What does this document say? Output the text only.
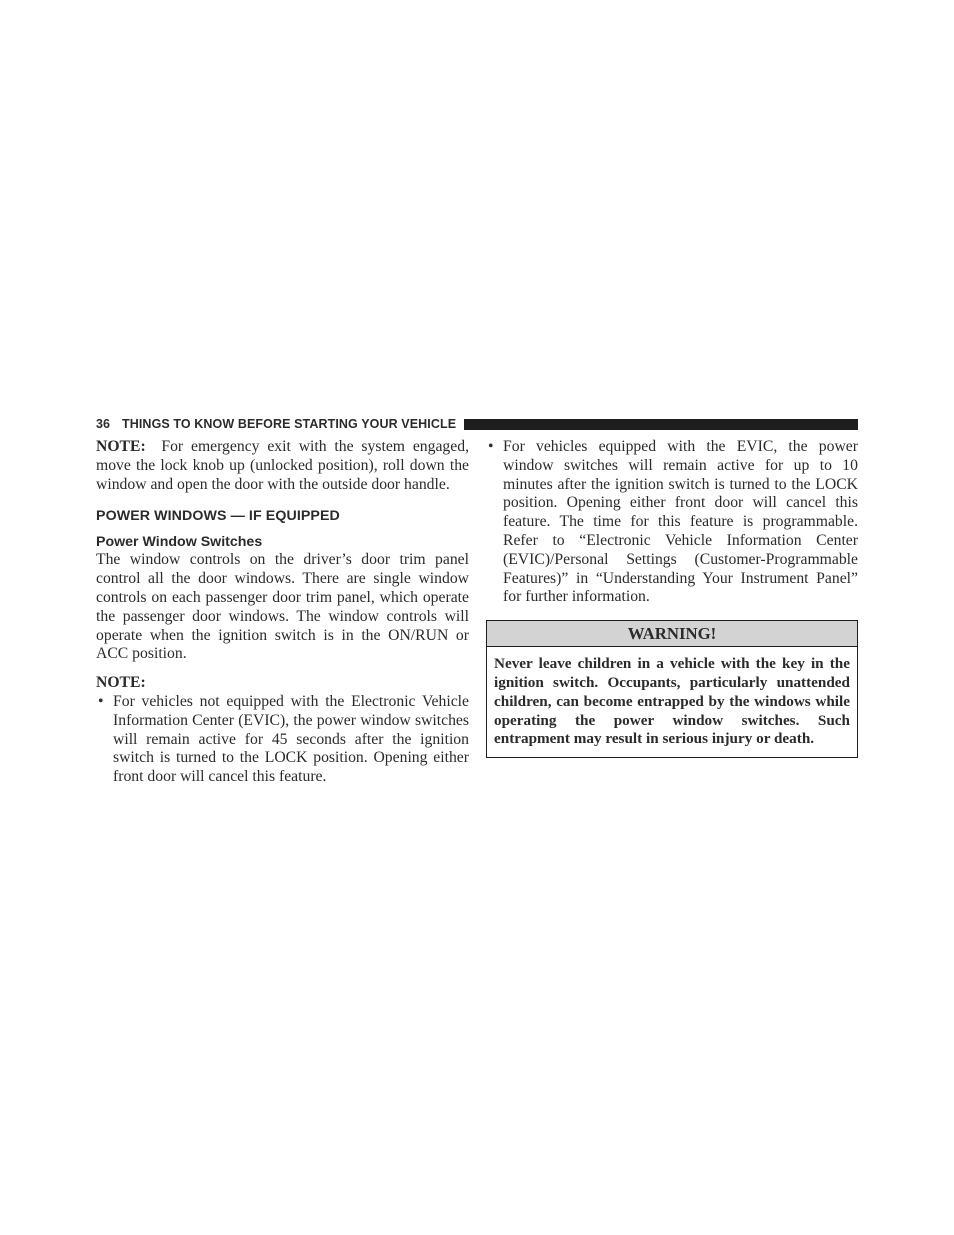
36 THINGS TO KNOW BEFORE STARTING YOUR VEHICLE

NOTE: For emergency exit with the system engaged, move the lock knob up (unlocked position), roll down the window and open the door with the outside door handle.

POWER WINDOWS — IF EQUIPPED
Power Window Switches

The window controls on the driver’s door trim panel control all the door windows. There are single window controls on each passenger door trim panel, which operate the passenger door windows. The window controls will operate when the ignition switch is in the ON/RUN or ACC position.

NOTE:

• For vehicles not equipped with the Electronic Vehicle Information Center (EVIC), the power window switches will remain active for 45 seconds after the ignition switch is turned to the LOCK position. Opening either front door will cancel this feature.

• For vehicles equipped with the EVIC, the power window switches will remain active for up to 10 minutes after the ignition switch is turned to the LOCK position. Opening either front door will cancel this feature. The time for this feature is programmable. Refer to “Electronic Vehicle Information Center (EVIC)/Personal Settings (Customer-Programmable Features)” in “Understanding Your Instrument Panel” for further information.

WARNING!
Never leave children in a vehicle with the key in the ignition switch. Occupants, particularly unattended children, can become entrapped by the windows while operating the power window switches. Such entrapment may result in serious injury or death.
